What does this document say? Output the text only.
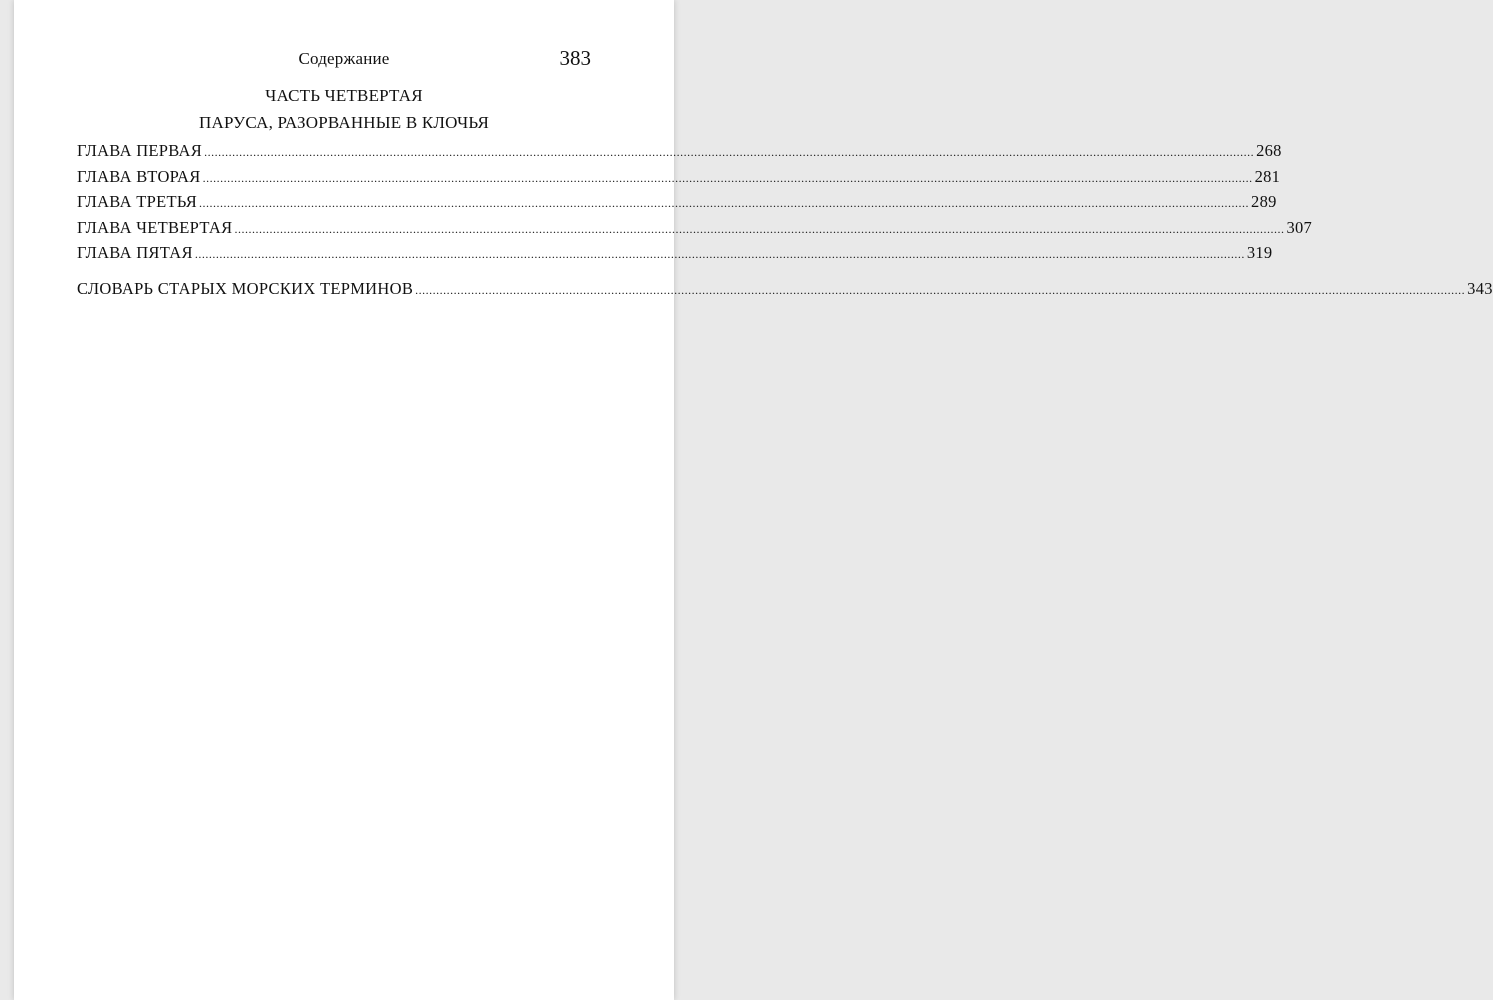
Содержание	383
ЧАСТЬ ЧЕТВЕРТАЯ
ПАРУСА, РАЗОРВАННЫЕ В КЛОЧЬЯ
ГЛАВА ПЕРВАЯ ............................................................................................................................................................................................................................................................................................................ 268
ГЛАВА ВТОРАЯ ............................................................................................................................................................................................................................................................................................................ 281
ГЛАВА ТРЕТЬЯ ............................................................................................................................................................................................................................................................................................................ 289
ГЛАВА ЧЕТВЕРТАЯ ............................................................................................................................................................................................................................................................................................................ 307
ГЛАВА ПЯТАЯ ............................................................................................................................................................................................................................................................................................................ 319
СЛОВАРЬ СТАРЫХ МОРСКИХ ТЕРМИНОВ ............................................................................................................................................................................................................................................................................................................ 343
